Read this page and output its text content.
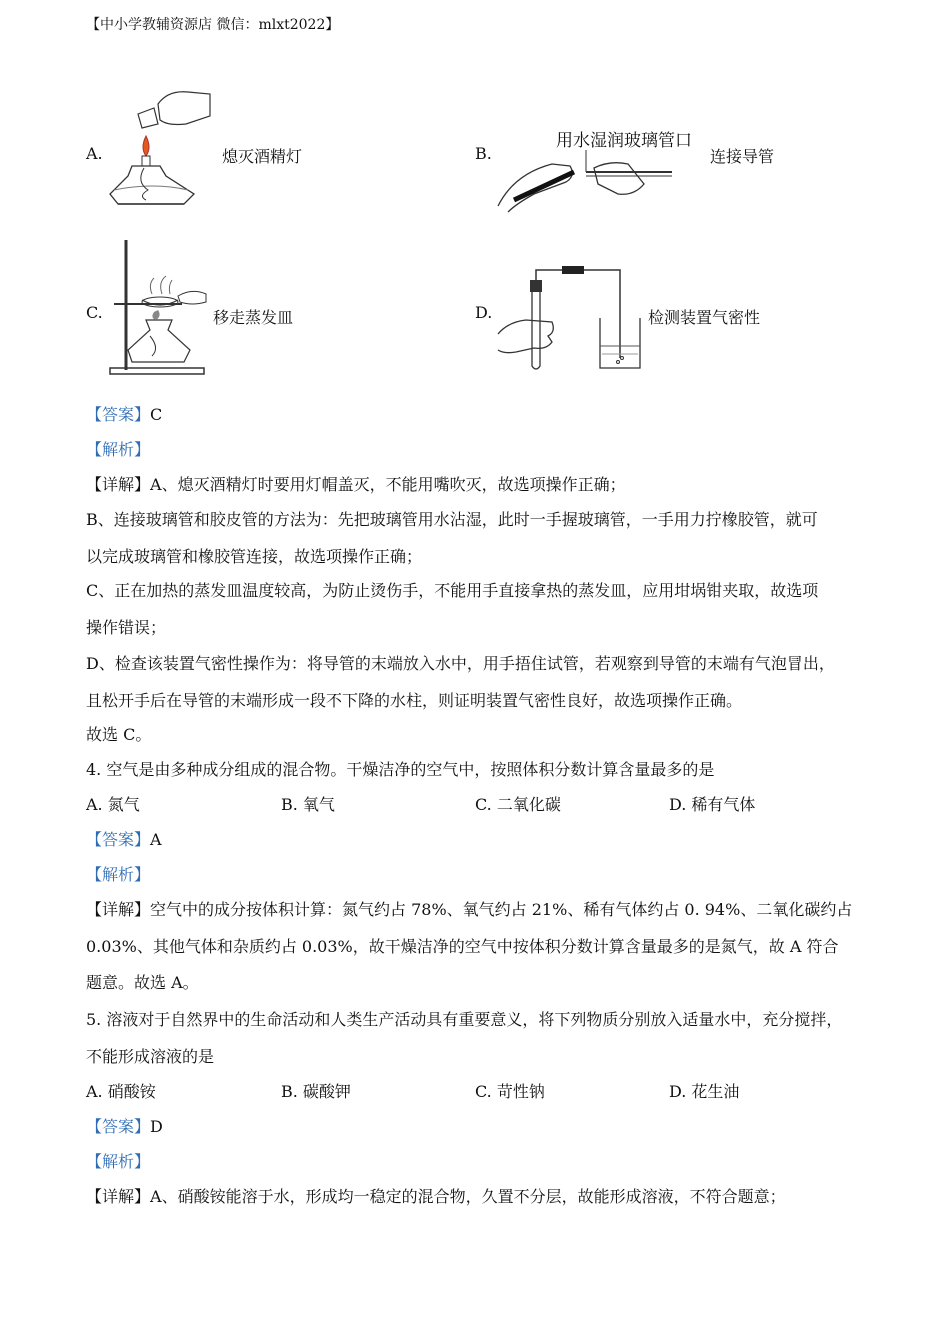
【中小学教辅资源店 微信：mlxt2022】
A.	熄灭酒精灯	B.
用水湿润玻璃管口
连接导管
C.	移走蒸发皿	D.	检测装置气密性
【答案】C
【解析】
【详解】A、熄灭酒精灯时要用灯帽盖灭，不能用嘴吹灭，故选项操作正确；
B、连接玻璃管和胶皮管的方法为：先把玻璃管用水沾湿，此时一手握玻璃管，一手用力拧橡胶管，就可
以完成玻璃管和橡胶管连接，故选项操作正确；
C、正在加热的蒸发皿温度较高，为防止烫伤手，不能用手直接拿热的蒸发皿，应用坩埚钳夹取，故选项
操作错误；
D、检查该装置气密性操作为：将导管的末端放入水中，用手捂住试管，若观察到导管的末端有气泡冒出，
且松开手后在导管的末端形成一段不下降的水柱，则证明装置气密性良好，故选项操作正确。
故选 C。
4. 空气是由多种成分组成的混合物。干燥洁净的空气中，按照体积分数计算含量最多的是
A. 氮气	B. 氧气	C. 二氧化碳	D. 稀有气体
【答案】A
【解析】
【详解】空气中的成分按体积计算：氮气约占 78%、氧气约占 21%、稀有气体约占 0. 94%、二氧化碳约占
0.03%、其他气体和杂质约占 0.03%，故干燥洁净的空气中按体积分数计算含量最多的是氮气，故 A 符合
题意。故选 A。
5. 溶液对于自然界中的生命活动和人类生产活动具有重要意义，将下列物质分别放入适量水中，充分搅拌，
不能形成溶液的是
A. 硝酸铵	B. 碳酸钾	C. 苛性钠	D. 花生油
【答案】D
【解析】
【详解】A、硝酸铵能溶于水，形成均一稳定的混合物，久置不分层，故能形成溶液，不符合题意；
